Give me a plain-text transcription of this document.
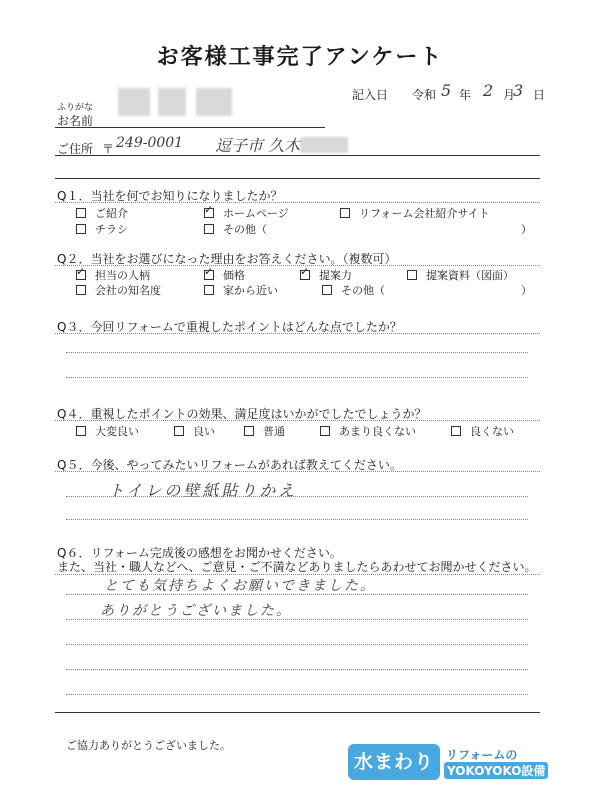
お客様工事完了アンケート
記入日 令和 5 年 2 月
3 日
ふりがな
お名前
ご住所 〒 249-0001 逗子市 久木
Q１．当社を何でお知りになりましたか？
ご紹介 ✓	ホームページ	リフォーム会社紹介サイト
チラシ	その他（	）
Q２．当社をお選びになった理由をお答えください。（複数可）
✓担当の人柄 ✓	価格 ✓	提案力	提案資料（図面）
会社の知名度	家から近い	その他（	）
Q３．今回リフォームで重視したポイントはどんな点でしたか？
Q４．重視したポイントの効果、満足度はいかがでしたでしょうか？
大変良い	良い	普通	あまり良くない	良くない
Q５．今後、やってみたいリフォームがあれば教えてください。
トイレの壁紙貼りかえ
Q６．リフォーム完成後の感想をお聞かせください。
また、当社・職人などへ、ご意見・ご不満などありましたらあわせてお聞かせください。
とても気持ちよくお願いできました。
ありがとうございました。
ご協力ありがとうございました。
水まわり	リフォームの
YOKOYOKO設備
